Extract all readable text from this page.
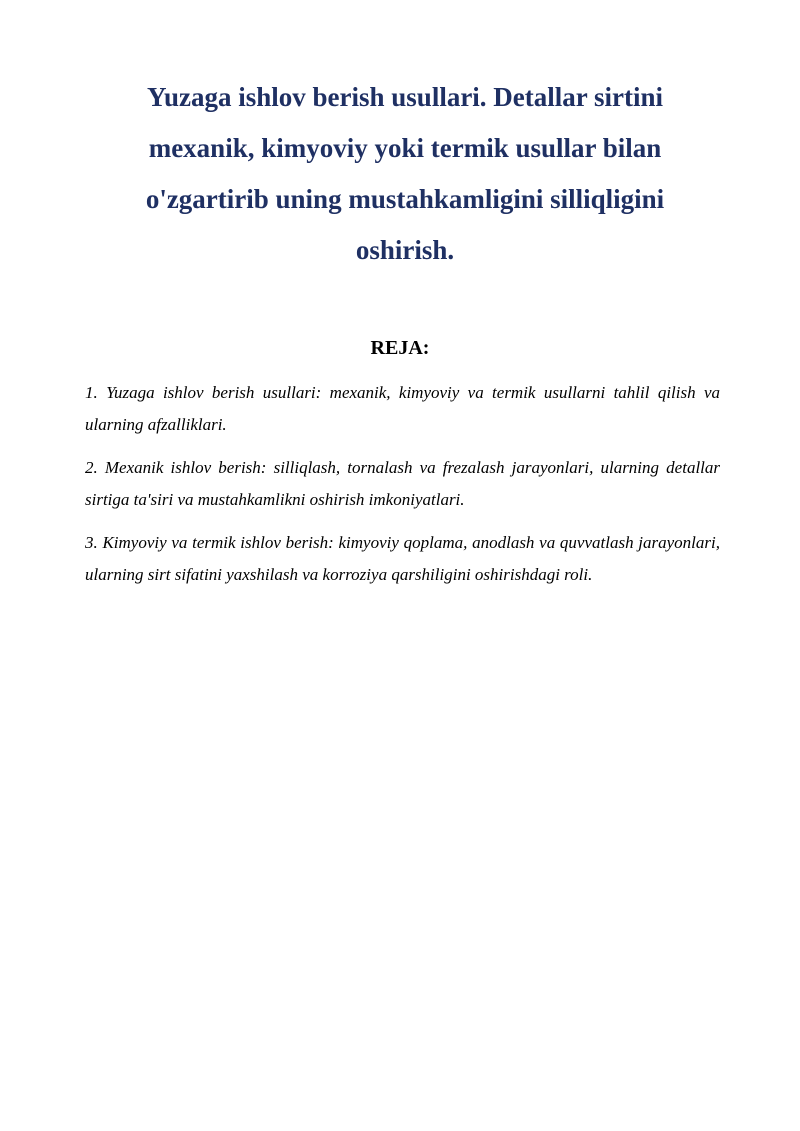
Yuzaga ishlov berish usullari. Detallar sirtini mexanik, kimyoviy yoki termik usullar bilan o'zgartirib uning mustahkamligini silliqligini oshirish.
REJA:
1. Yuzaga ishlov berish usullari: mexanik, kimyoviy va termik usullarni tahlil qilish va ularning afzalliklari.
2. Mexanik ishlov berish: silliqlash, tornalash va frezalash jarayonlari, ularning detallar sirtiga ta'siri va mustahkamlikni oshirish imkoniyatlari.
3. Kimyoviy va termik ishlov berish: kimyoviy qoplama, anodlash va quvvatlash jarayonlari, ularning sirt sifatini yaxshilash va korroziya qarshiligini oshirishdagi roli.
